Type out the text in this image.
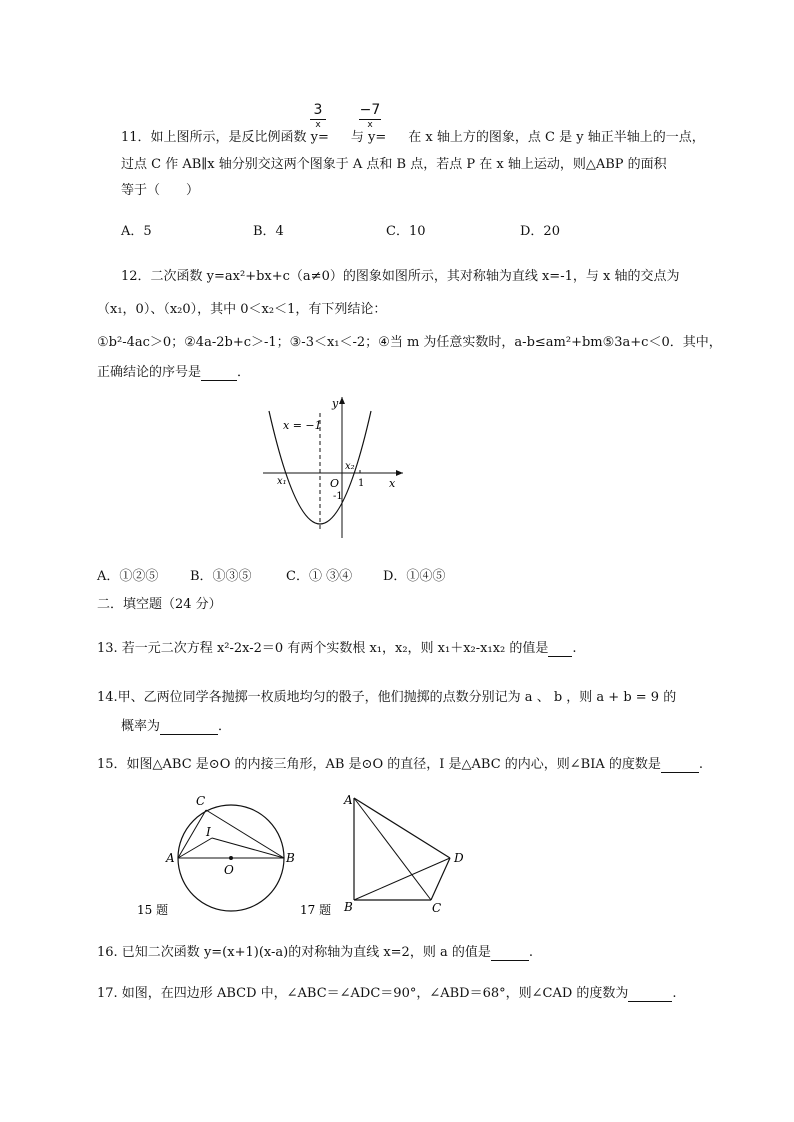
3
x
−7
x
11．如上图所示，是反比例函数 y= 与 y= 在 x 轴上方的图象，点 C 是 y 轴正半轴上的一点，
过点 C 作 AB∥x 轴分别交这两个图象于 A 点和 B 点，若点 P 在 x 轴上运动，则△ABP 的面积
等于（　　）
A．5	B．4	C．10	D．20
12．二次函数 y=ax²+bx+c（a≠0）的图象如图所示，其对称轴为直线 x=-1，与 x 轴的交点为
（x₁，0）、（x₂0），其中 0＜x₂＜1，有下列结论：
①b²-4ac＞0；②4a-2b+c＞-1；③-3＜x₁＜-2；④当 m 为任意实数时，a-b≤am²+bm⑤3a+c＜0．其中，
正确结论的序号是	．
x = −1
y
x
O 1
-1
x₁
x₂
A．①②⑤ B．①③⑤	C．① ③④ D．①④⑤
二．填空题（24 分）
13. 若一元二次方程 x²-2x-2＝0 有两个实数根 x₁，x₂，则 x₁＋x₂-x₁x₂ 的值是 .
14.甲、乙两位同学各抛掷一枚质地均匀的骰子，他们抛掷的点数分别记为 a 、 b ，则 a + b = 9 的
概率为	．
15．如图△ABC 是⊙O 的内接三角形，AB 是⊙O 的直径，I 是△ABC 的内心，则∠BIA 的度数是	.
A	B
C
I
O
15 题
A
B	C
D
17 题
16. 已知二次函数 y=(x+1)(x-a)的对称轴为直线 x=2，则 a 的值是	.
17. 如图，在四边形 ABCD 中，∠ABC＝∠ADC＝90°，∠ABD＝68°，则∠CAD 的度数为	.
